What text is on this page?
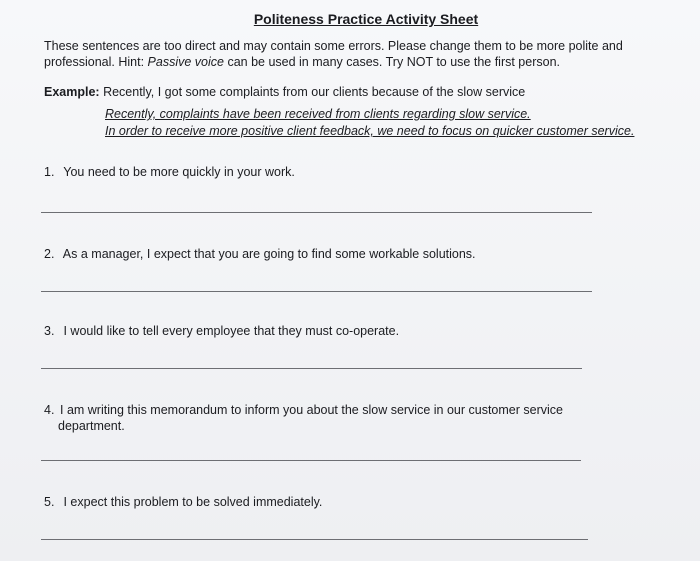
Politeness Practice Activity Sheet
These sentences are too direct and may contain some errors. Please change them to be more polite and
professional. Hint: Passive voice can be used in many cases. Try NOT to use the first person.
Example: Recently, I got some complaints from our clients because of the slow service
Recently, complaints have been received from clients regarding slow service.
In order to receive more positive client feedback, we need to focus on quicker customer service.
1. You need to be more quickly in your work.
2. As a manager, I expect that you are going to find some workable solutions.
3. I would like to tell every employee that they must co-operate.
4. I am writing this memorandum to inform you about the slow service in our customer service
department.
5. I expect this problem to be solved immediately.
